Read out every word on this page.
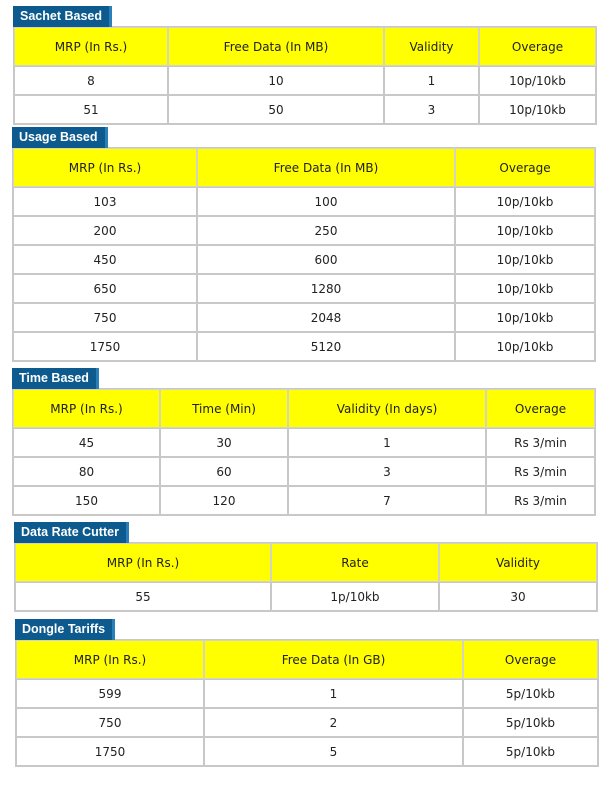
Sachet Based
MRP (In Rs.)	Free Data (In MB)	Validity	Overage
8	10	1	10p/10kb
51	50	3	10p/10kb
Usage Based
MRP (In Rs.)	Free Data (In MB)	Overage
103	100	10p/10kb
200	250	10p/10kb
450	600	10p/10kb
650	1280	10p/10kb
750	2048	10p/10kb
1750	5120	10p/10kb
Time Based
MRP (In Rs.)	Time (Min)	Validity (In days)	Overage
45	30	1	Rs 3/min
80	60	3	Rs 3/min
150	120	7	Rs 3/min
Data Rate Cutter
MRP (In Rs.)	Rate	Validity
55	1p/10kb	30
Dongle Tariffs
MRP (In Rs.)	Free Data (In GB)	Overage
599	1	5p/10kb
750	2	5p/10kb
1750	5	5p/10kb
